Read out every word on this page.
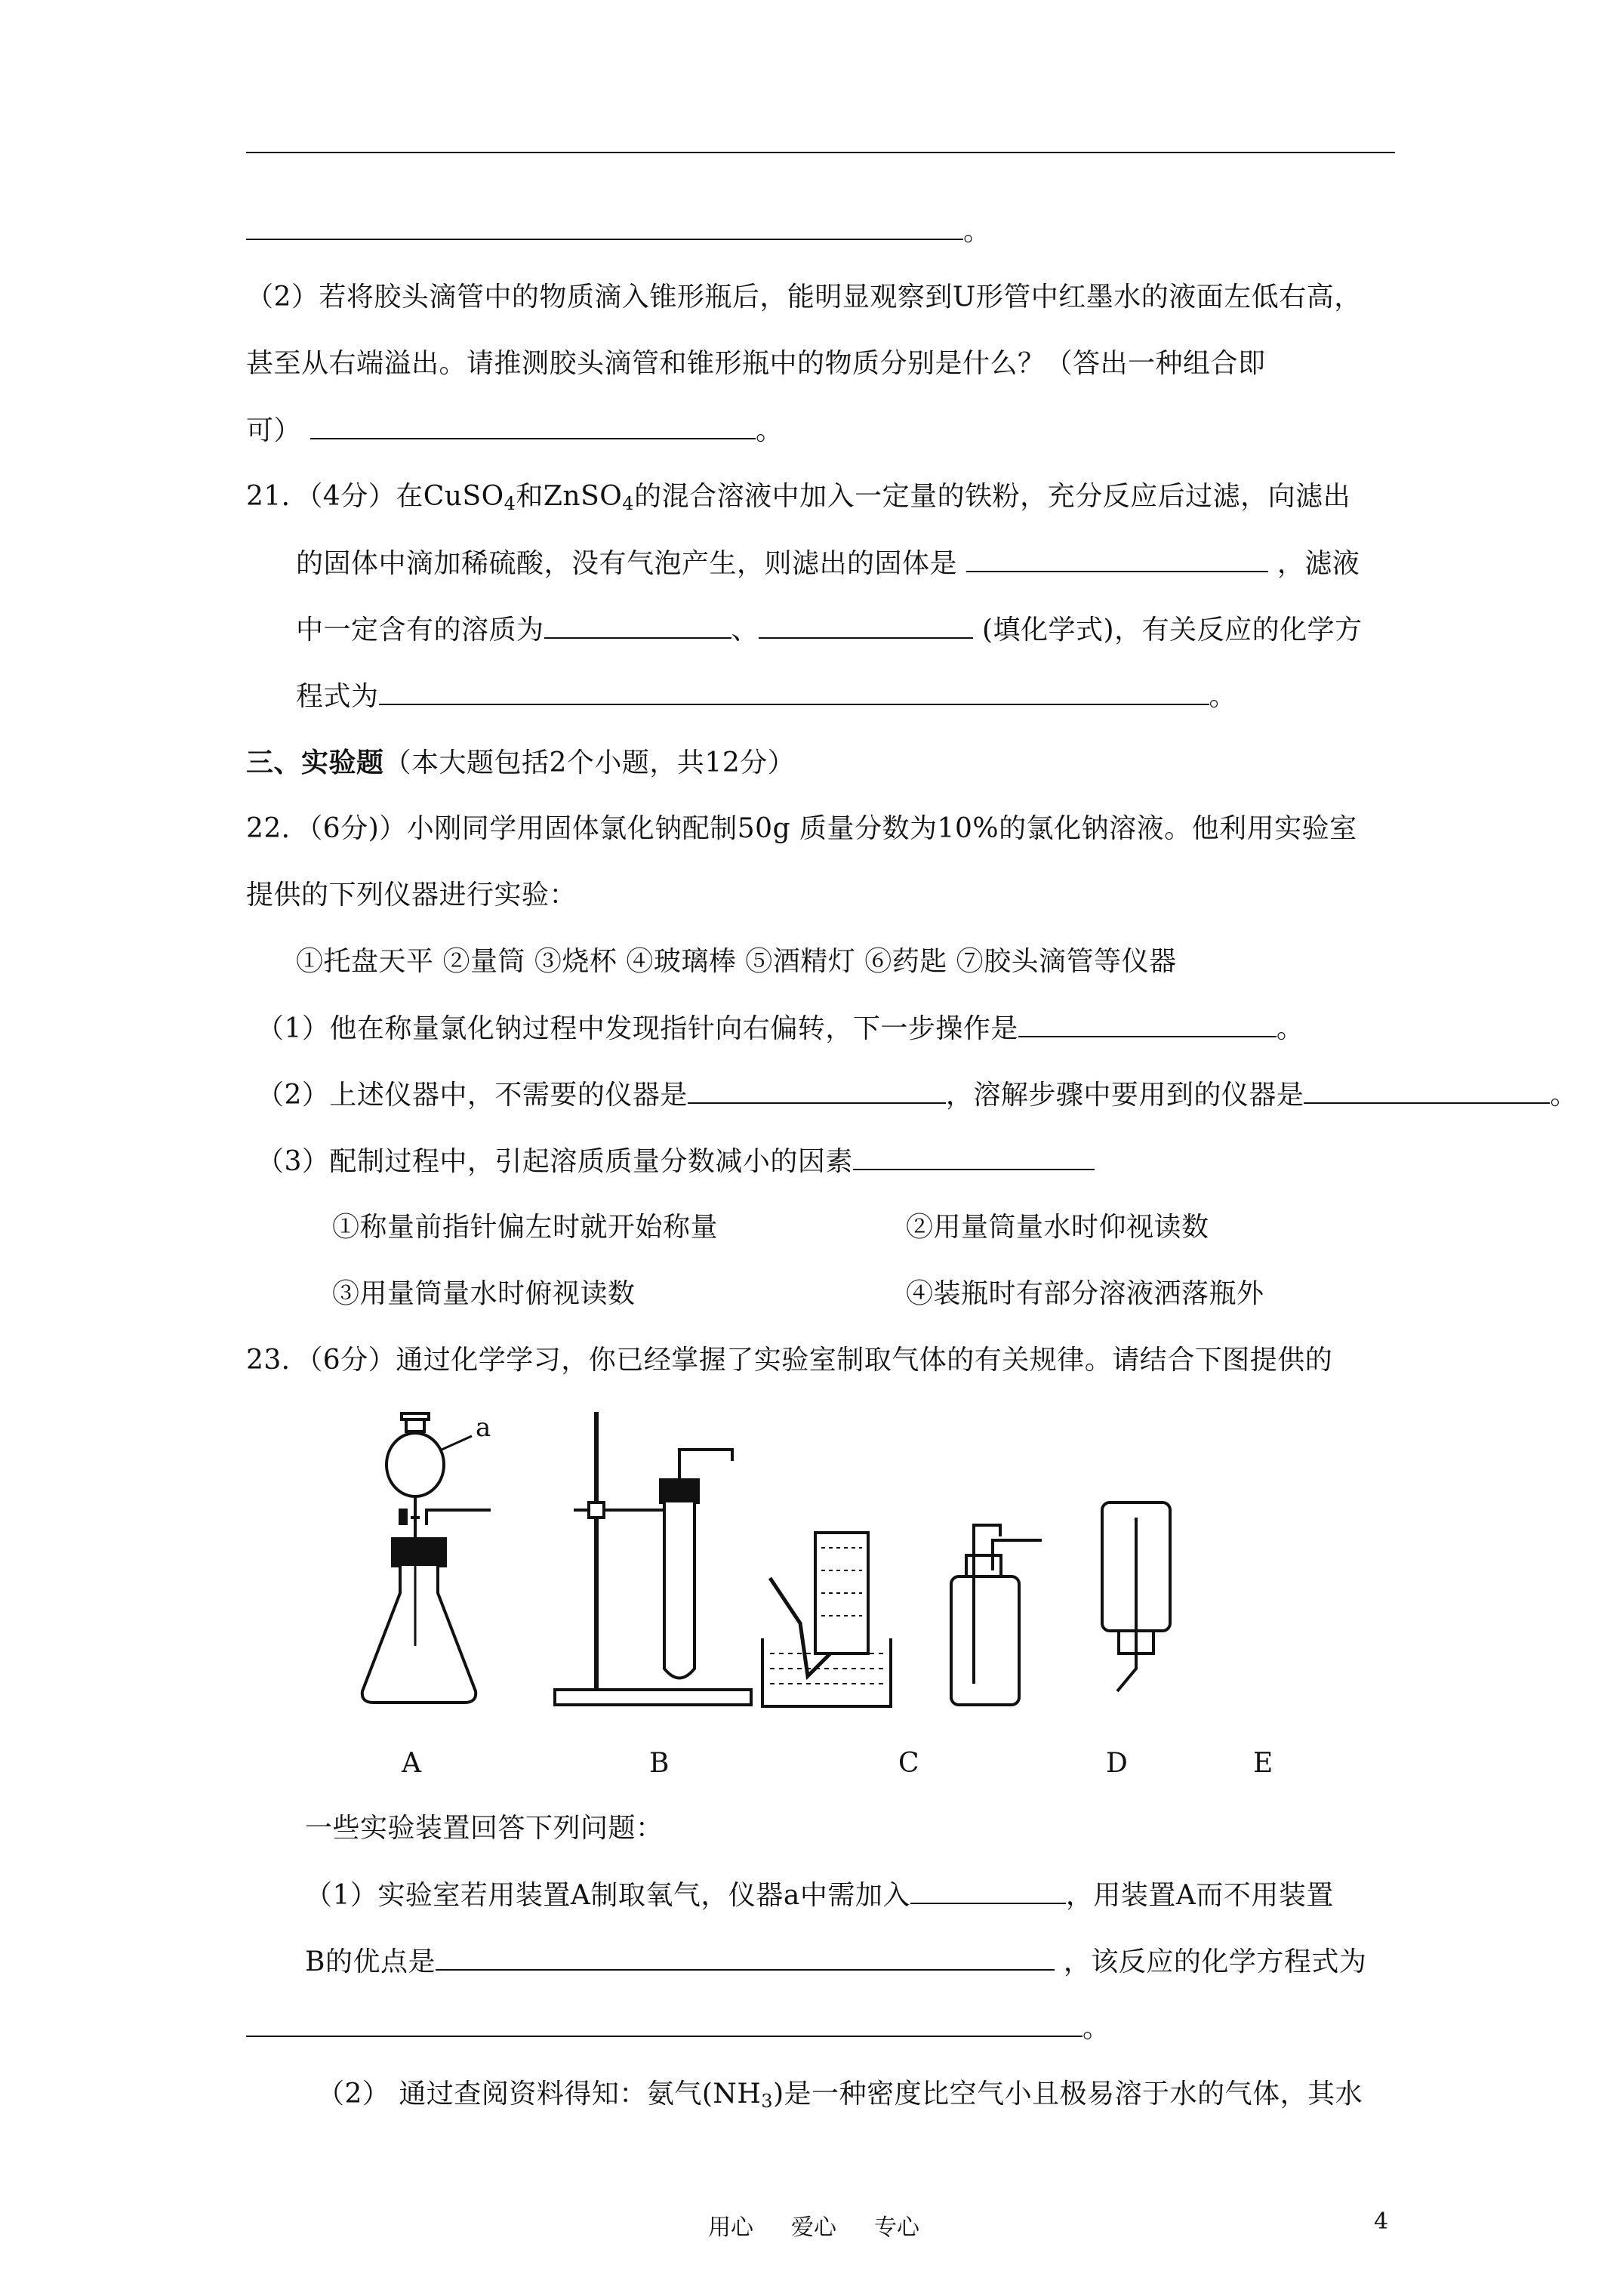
。
（2）若将胶头滴管中的物质滴入锥形瓶后，能明显观察到U形管中红墨水的液面左低右高，
甚至从右端溢出。请推测胶头滴管和锥形瓶中的物质分别是什么？（答出一种组合即
可）	。
21．（4分）在CuSO$_4$和ZnSO$_4$的混合溶液中加入一定量的铁粉，充分反应后过滤，向滤出
的固体中滴加稀硫酸，没有气泡产生，则滤出的固体是	，滤液
中一定含有的溶质为	、	(填化学式)，有关反应的化学方
程式为	。
三、实验题（本大题包括2个小题，共12分）
22．（6分)）小刚同学用固体氯化钠配制50g 质量分数为10%的氯化钠溶液。他利用实验室
提供的下列仪器进行实验：
①托盘天平 ②量筒 ③烧杯 ④玻璃棒 ⑤酒精灯 ⑥药匙 ⑦胶头滴管等仪器
（1）他在称量氯化钠过程中发现指针向右偏转，下一步操作是	。
（2）上述仪器中，不需要的仪器是	，溶解步骤中要用到的仪器是	。
（3）配制过程中，引起溶质质量分数减小的因素
①称量前指针偏左时就开始称量	②用量筒量水时仰视读数
③用量筒量水时俯视读数	④装瓶时有部分溶液洒落瓶外
23．（6分）通过化学学习，你已经掌握了实验室制取气体的有关规律。请结合下图提供的
a
A	B	C	D	E
一些实验装置回答下列问题：
（1）实验室若用装置A制取氧气，仪器a中需加入	，用装置A而不用装置
B的优点是	，该反应的化学方程式为
。
（2） 通过查阅资料得知：氨气$(NH_3)$是一种密度比空气小且极易溶于水的气体，其水
用心 爱心 专心	4
